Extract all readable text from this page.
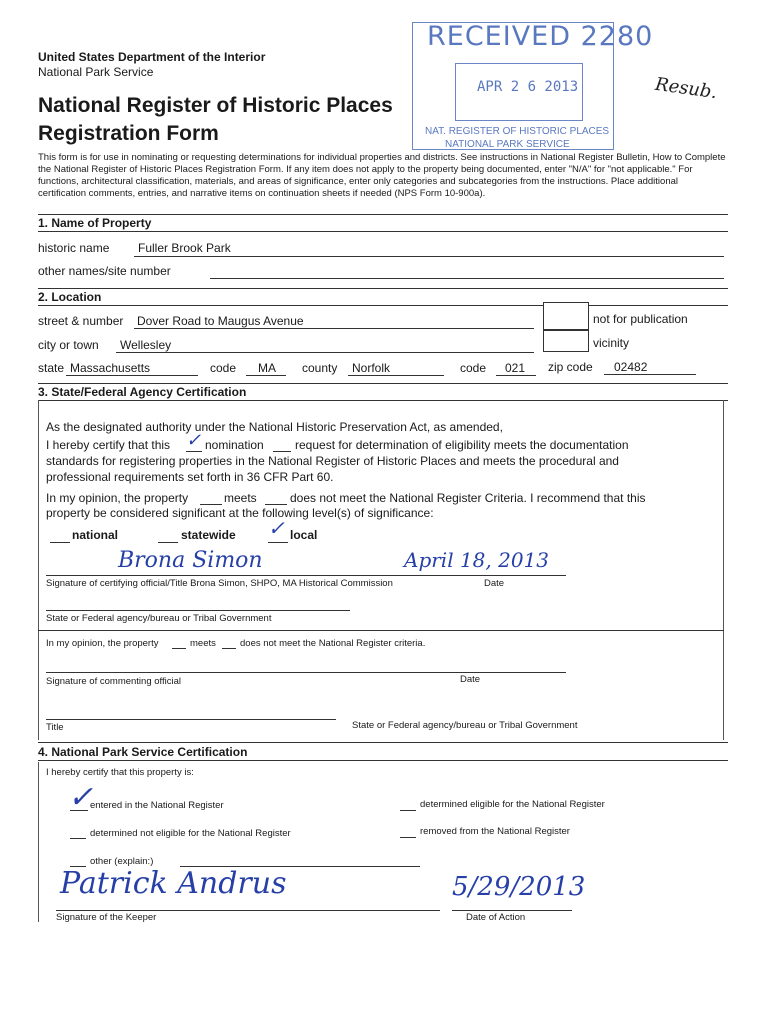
United States Department of the Interior
National Park Service
National Register of Historic Places
Registration Form
RECEIVED 2280
APR 2 6 2013
NAT. REGISTER OF HISTORIC PLACES
NATIONAL PARK SERVICE
Resub.
This form is for use in nominating or requesting determinations for individual properties and districts. See instructions in National Register Bulletin, How to Complete the National Register of Historic Places Registration Form. If any item does not apply to the property being documented, enter "N/A" for "not applicable." For functions, architectural classification, materials, and areas of significance, enter only categories and subcategories from the instructions. Place additional certification comments, entries, and narrative items on continuation sheets if needed (NPS Form 10-900a).
1. Name of Property
historic name Fuller Brook Park
other names/site number
2. Location
street & number Dover Road to Maugus Avenue	not for publication
city or town Wellesley	vicinity
state Massachusetts	code MA county Norfolk	code 021 zip code 02482
3. State/Federal Agency Certification
As the designated authority under the National Historic Preservation Act, as amended,
I hereby certify that this ✓ nomination	request for determination of eligibility meets the documentation
standards for registering properties in the National Register of Historic Places and meets the procedural and
professional requirements set forth in 36 CFR Part 60.
In my opinion, the property	meets	does not meet the National Register Criteria. I recommend that this
property be considered significant at the following level(s) of significance:
national	statewide ✓ local
Brona Simon	April 18, 2013
Signature of certifying official/Title Brona Simon, SHPO, MA Historical Commission	Date
State or Federal agency/bureau or Tribal Government
In my opinion, the property	meets	does not meet the National Register criteria.
Signature of commenting official	Date
Title	State or Federal agency/bureau or Tribal Government
4. National Park Service Certification
I hereby certify that this property is:
✓
entered in the National Register	determined eligible for the National Register
determined not eligible for the National Register	removed from the National Register
other (explain:)
Patrick Andrus	5/29/2013
Signature of the Keeper	Date of Action
